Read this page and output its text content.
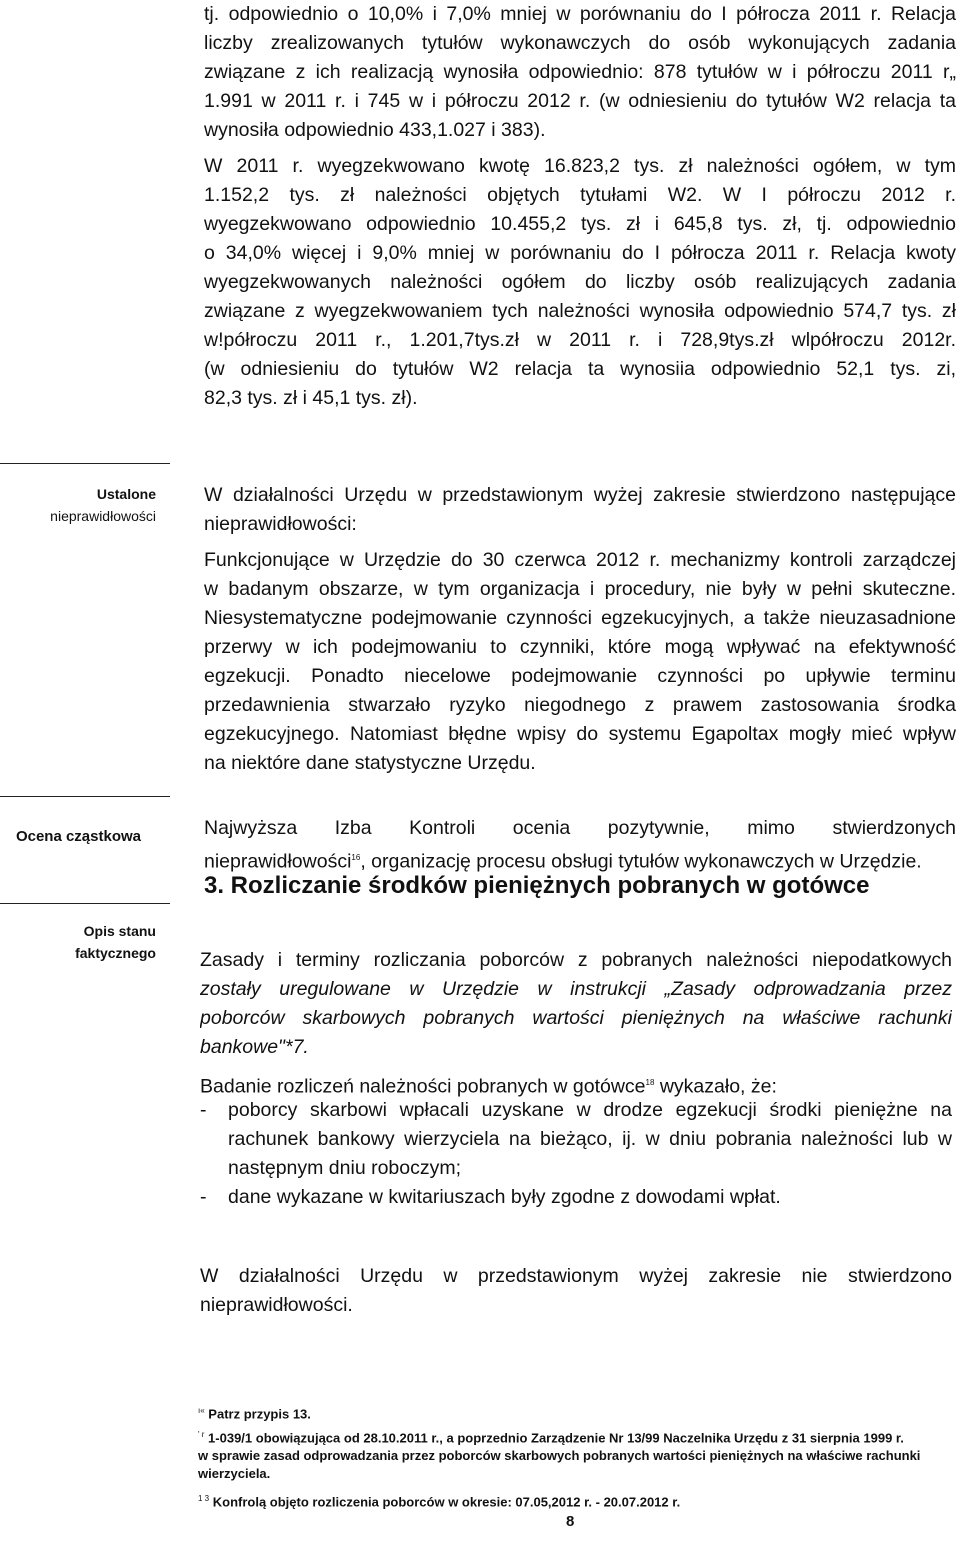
tj. odpowiednio o 10,0% i 7,0% mniej w porównaniu do I półrocza 2011 r. Relacja
liczby zrealizowanych tytułów wykonawczych do osób wykonujących zadania
związane z ich realizacją wynosiła odpowiednio: 878 tytułów w i półroczu 2011 r„
1.991 w 2011 r. i 745 w i półroczu 2012 r. (w odniesieniu do tytułów W2 relacja ta
wynosiła odpowiednio 433,1.027 i 383).
W 2011 r. wyegzekwowano kwotę 16.823,2 tys. zł należności ogółem, w tym
1.152,2 tys. zł należności objętych tytułami W2. W I półroczu 2012 r.
wyegzekwowano odpowiednio 10.455,2 tys. zł i 645,8 tys. zł, tj. odpowiednio
o 34,0% więcej i 9,0% mniej w porównaniu do I półrocza 2011 r. Relacja kwoty
wyegzekwowanych należności ogółem do liczby osób realizujących zadania
związane z wyegzekwowaniem tych należności wynosiła odpowiednio 574,7 tys. zł
w!półroczu 2011 r., 1.201,7tys.zł w 2011 r. i 728,9tys.zł wlpółroczu 2012r.
(w odniesieniu do tytułów W2 relacja ta wynosiia odpowiednio 52,1 tys. zi,
82,3 tys. zł i 45,1 tys. zł).
Ustalone
nieprawidłowości
W działalności Urzędu w przedstawionym wyżej zakresie stwierdzono następujące
nieprawidłowości:
Funkcjonujące w Urzędzie do 30 czerwca 2012 r. mechanizmy kontroli zarządczej
w badanym obszarze, w tym organizacja i procedury, nie były w pełni skuteczne.
Niesystematyczne podejmowanie czynności egzekucyjnych, a także nieuzasadnione
przerwy w ich podejmowaniu to czynniki, które mogą wpływać na efektywność
egzekucji. Ponadto niecelowe podejmowanie czynności po upływie terminu
przedawnienia stwarzało ryzyko niegodnego z prawem zastosowania środka
egzekucyjnego. Natomiast błędne wpisy do systemu Egapoltax mogły mieć wpływ
na niektóre dane statystyczne Urzędu.
Ocena cząstkowa	Najwyższa Izba Kontroli ocenia pozytywnie, mimo stwierdzonych
nieprawidłowości$^{16}$, organizację procesu obsługi tytułów wykonawczych w Urzędzie.
3. Rozliczanie środków pieniężnych pobranych w gotówce
Opis stanu
faktycznego Zasady i terminy rozliczania poborców z pobranych należności niepodatkowych
zostały uregulowane w Urzędzie w instrukcji „Zasady odprowadzania przez
poborców skarbowych pobranych wartości pieniężnych na właściwe rachunki
bankowe"*7.
Badanie rozliczeń należności pobranych w gotówce$^{18}$ wykazało, że:
- poborcy skarbowi wpłacali uzyskane w drodze egzekucji środki pieniężne na rachunek bankowy wierzyciela na bieżąco, ij. w dniu pobrania należności lub w następnym dniu roboczym;
- dane wykazane w kwitariuszach były zgodne z dowodami wpłat.
W działalności Urzędu w przedstawionym wyżej zakresie nie stwierdzono
nieprawidłowości.
$^{ı«}$ Patrz przypis 13.
$^{' r}$ 1-039/1 obowiązująca od 28.10.2011 r., a poprzednio Zarządzenie Nr 13/99 Naczelnika Urzędu z 31 sierpnia 1999 r.
w sprawie zasad odprowadzania przez poborców skarbowych pobranych wartości pieniężnych na właściwe rachunki
wierzyciela.
$^{1 3}$ Konfrolą objęto rozliczenia poborców w okresie: 07.05,2012 r. - 20.07.2012 r.
8
